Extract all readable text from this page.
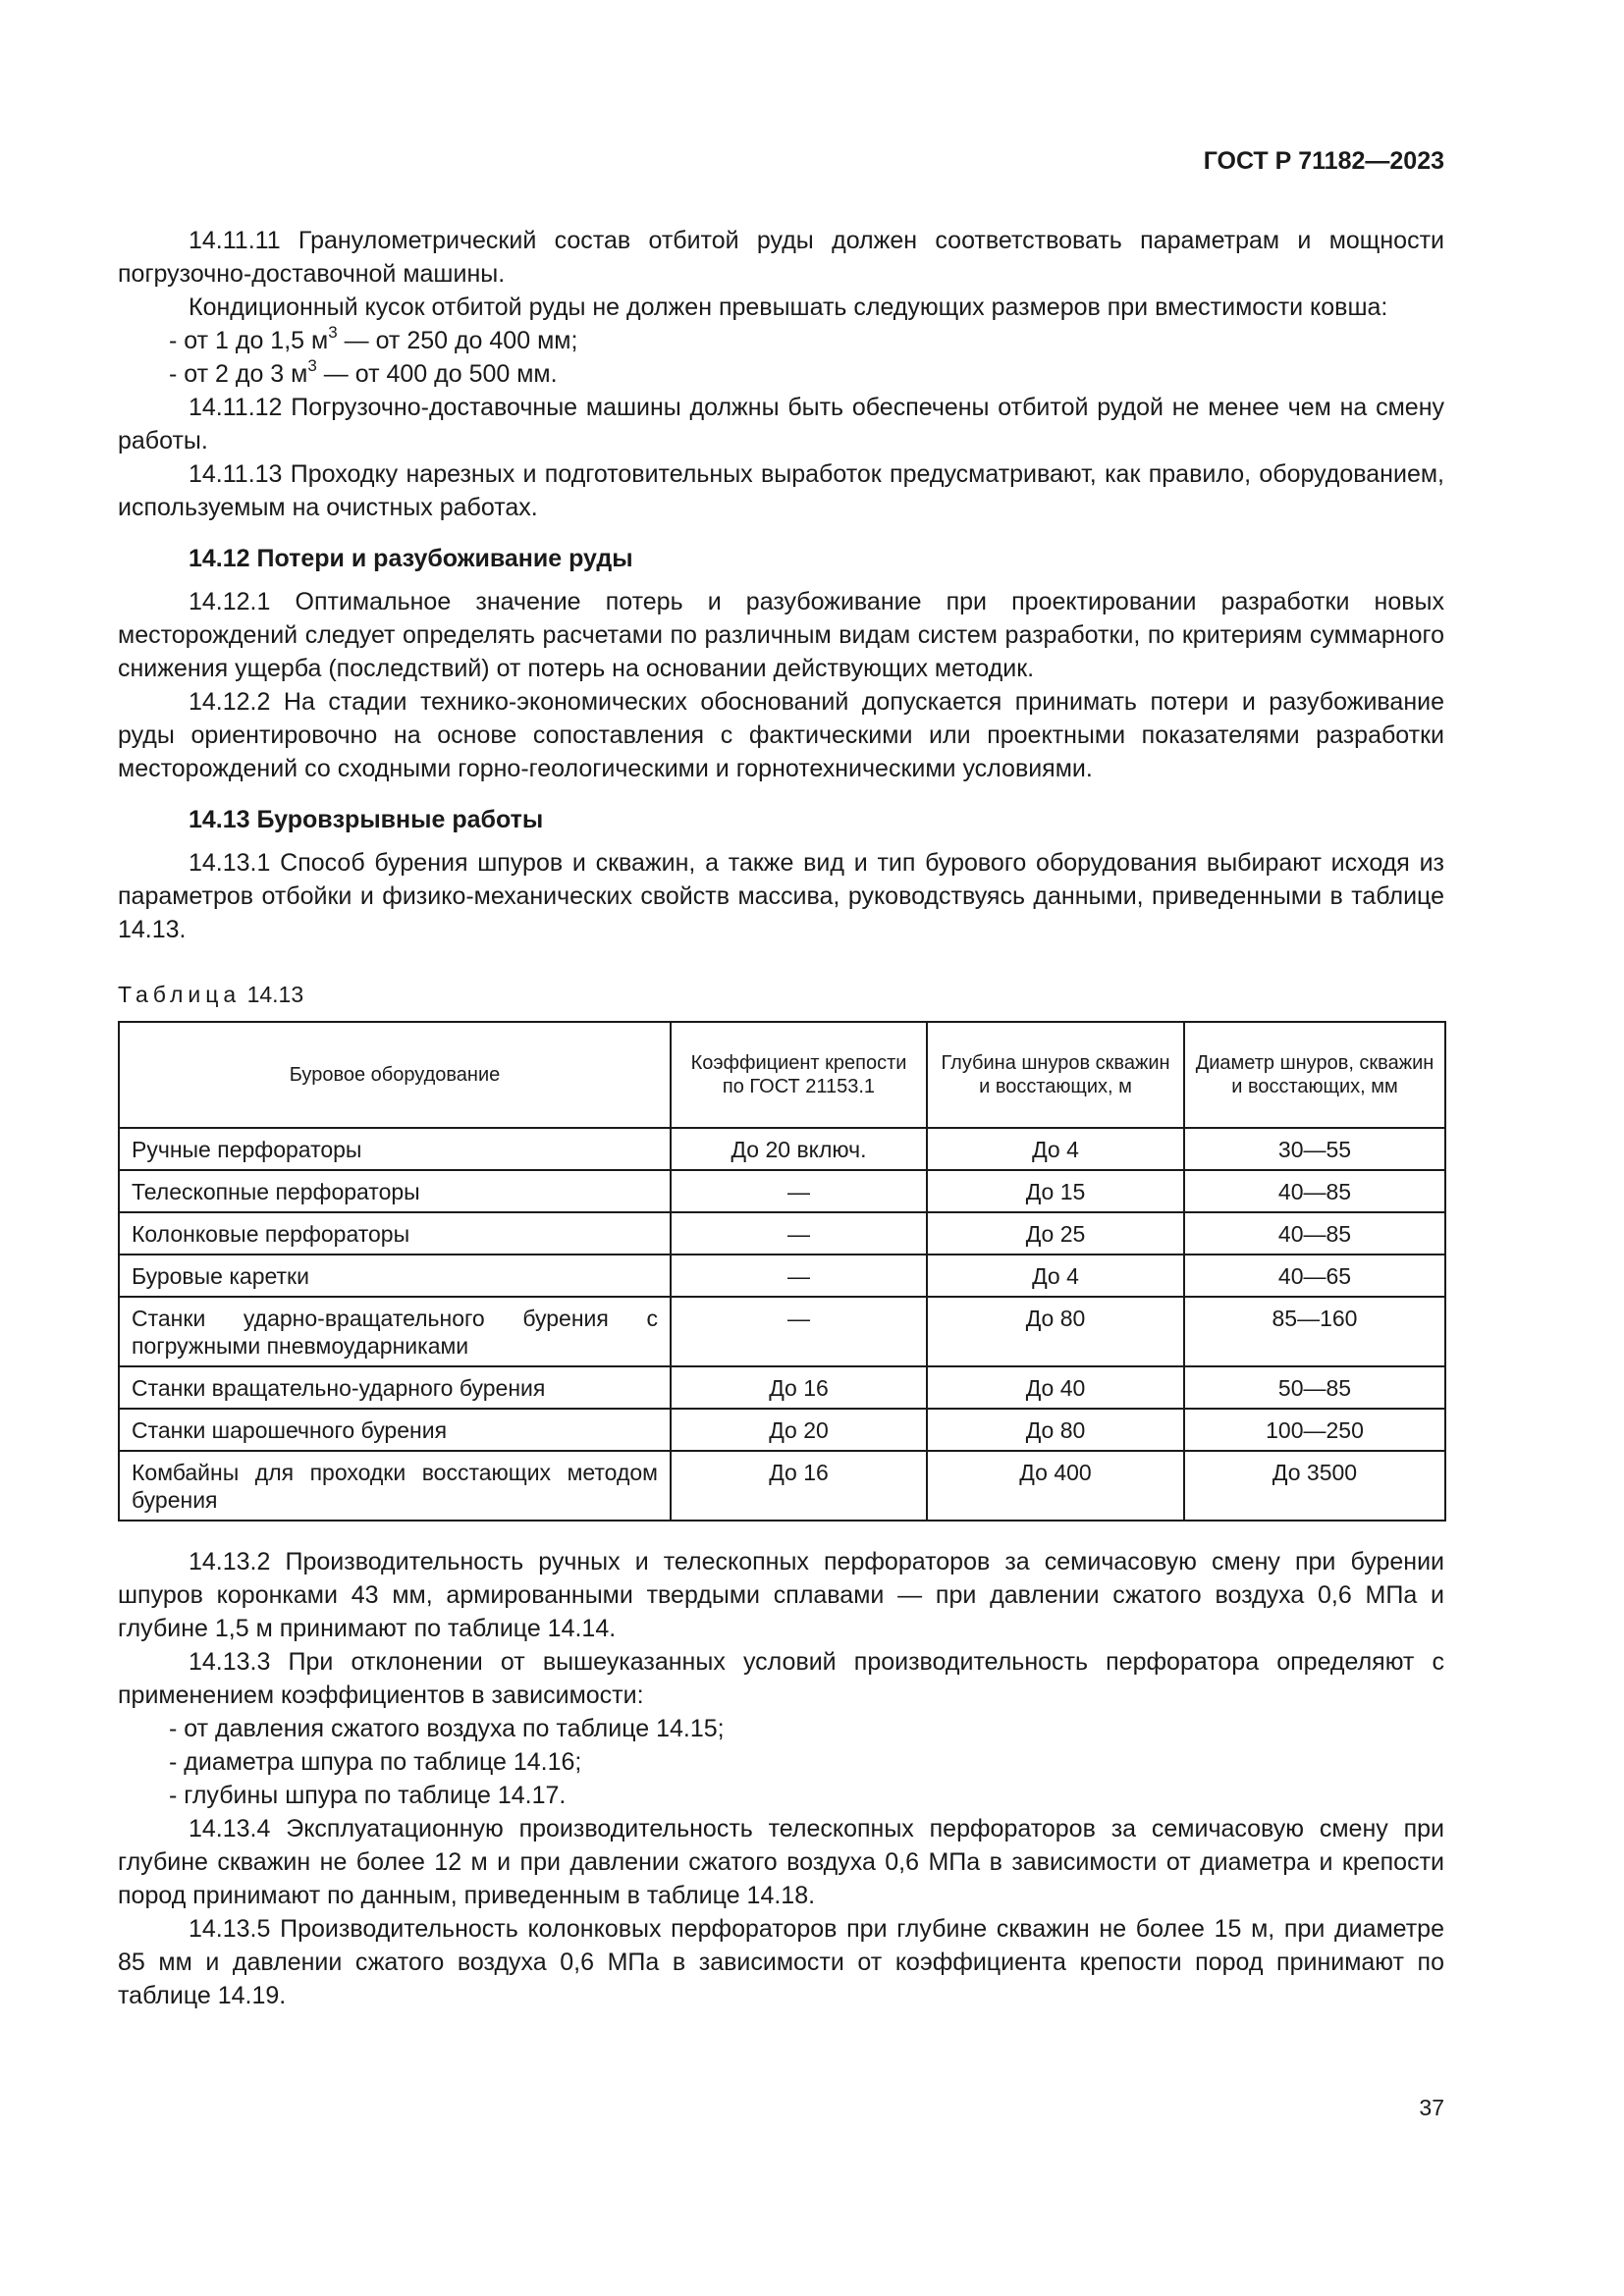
ГОСТ Р 71182—2023

14.11.11 Гранулометрический состав отбитой руды должен соответствовать параметрам и мощности погрузочно-доставочной машины.

Кондиционный кусок отбитой руды не должен превышать следующих размеров при вместимости ковша:

- от 1 до 1,5 $м^3$ — от 250 до 400 мм;

- от 2 до 3 $м^3$ — от 400 до 500 мм.

14.11.12 Погрузочно-доставочные машины должны быть обеспечены отбитой рудой не менее чем на смену работы.

14.11.13 Проходку нарезных и подготовительных выработок предусматривают, как правило, оборудованием, используемым на очистных работах.

14.12 Потери и разубоживание руды

14.12.1 Оптимальное значение потерь и разубоживание при проектировании разработки новых месторождений следует определять расчетами по различным видам систем разработки, по критериям суммарного снижения ущерба (последствий) от потерь на основании действующих методик.

14.12.2 На стадии технико-экономических обоснований допускается принимать потери и разубоживание руды ориентировочно на основе сопоставления с фактическими или проектными показателями разработки месторождений со сходными горно-геологическими и горнотехническими условиями.

14.13 Буровзрывные работы

14.13.1 Способ бурения шпуров и скважин, а также вид и тип бурового оборудования выбирают исходя из параметров отбойки и физико-механических свойств массива, руководствуясь данными, приведенными в таблице 14.13.

Таблица 14.13

Буровое оборудование	Коэффициент крепости по ГОСТ 21153.1	Глубина шнуров скважин и восстающих, м	Диаметр шнуров, скважин и восстающих, мм
Ручные перфораторы	До 20 включ.	До 4	30—55
Телескопные перфораторы	—	До 15	40—85
Колонковые перфораторы	—	До 25	40—85
Буровые каретки	—	До 4	40—65
Станки ударно-вращательного бурения с погружными пневмоударниками	—	До 80	85—160
Станки вращательно-ударного бурения	До 16	До 40	50—85
Станки шарошечного бурения	До 20	До 80	100—250
Комбайны для проходки восстающих методом бурения	До 16	До 400	До 3500

14.13.2 Производительность ручных и телескопных перфораторов за семичасовую смену при бурении шпуров коронками 43 мм, армированными твердыми сплавами — при давлении сжатого воздуха 0,6 МПа и глубине 1,5 м принимают по таблице 14.14.

14.13.3 При отклонении от вышеуказанных условий производительность перфоратора определяют с применением коэффициентов в зависимости:

- от давления сжатого воздуха по таблице 14.15;

- диаметра шпура по таблице 14.16;

- глубины шпура по таблице 14.17.

14.13.4 Эксплуатационную производительность телескопных перфораторов за семичасовую смену при глубине скважин не более 12 м и при давлении сжатого воздуха 0,6 МПа в зависимости от диаметра и крепости пород принимают по данным, приведенным в таблице 14.18.

14.13.5 Производительность колонковых перфораторов при глубине скважин не более 15 м, при диаметре 85 мм и давлении сжатого воздуха 0,6 МПа в зависимости от коэффициента крепости пород принимают по таблице 14.19.

37
